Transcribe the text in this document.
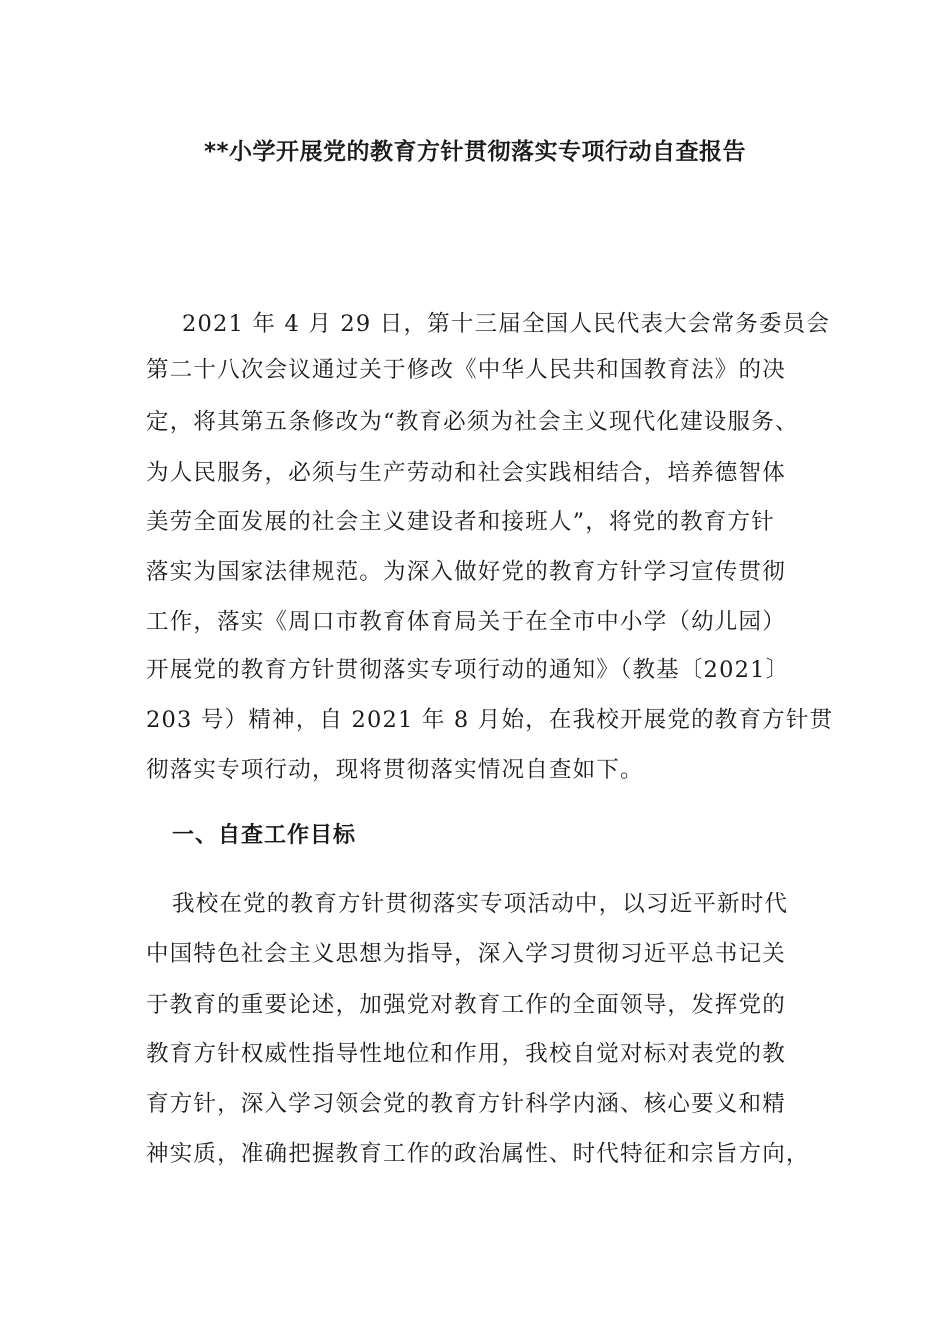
**小学开展党的教育方针贯彻落实专项行动自查报告

2021 年 4 月 29 日，第十三届全国人民代表大会常务委员会

第二十八次会议通过关于修改《中华人民共和国教育法》的决

定，将其第五条修改为“教育必须为社会主义现代化建设服务、

为人民服务，必须与生产劳动和社会实践相结合，培养德智体

美劳全面发展的社会主义建设者和接班人”，将党的教育方针

落实为国家法律规范。为深入做好党的教育方针学习宣传贯彻

工作，落实《周口市教育体育局关于在全市中小学（幼儿园）

开展党的教育方针贯彻落实专项行动的通知》（教基〔2021〕

203 号）精神，自 2021 年 8 月始，在我校开展党的教育方针贯

彻落实专项行动，现将贯彻落实情况自查如下。

一、自查工作目标

我校在党的教育方针贯彻落实专项活动中，以习近平新时代

中国特色社会主义思想为指导，深入学习贯彻习近平总书记关

于教育的重要论述，加强党对教育工作的全面领导，发挥党的

教育方针权威性指导性地位和作用，我校自觉对标对表党的教

育方针，深入学习领会党的教育方针科学内涵、核心要义和精

神实质，准确把握教育工作的政治属性、时代特征和宗旨方向，
